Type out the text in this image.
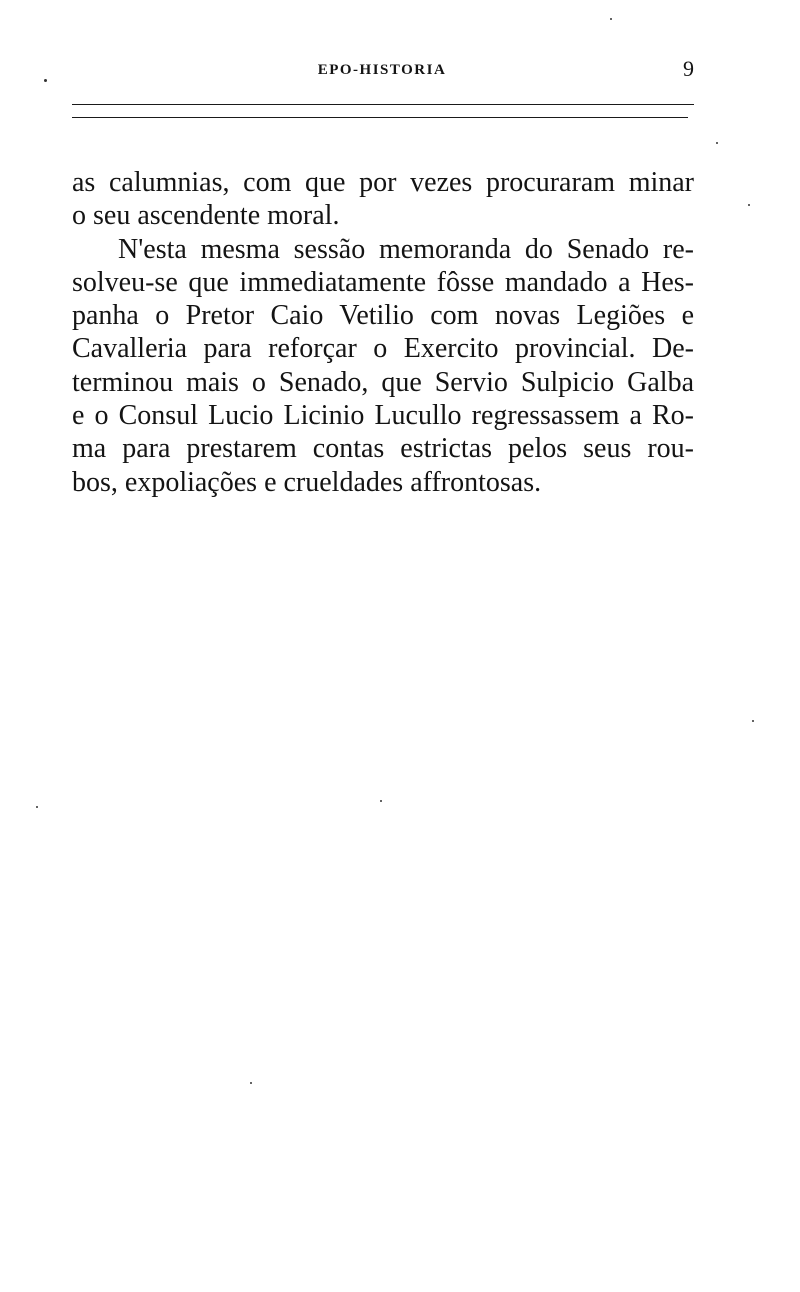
EPO-HISTORIA	9
as calumnias, com que por vezes procuraram minar
o seu ascendente moral.
N'esta mesma sessão memoranda do Senado re-
solveu-se que immediatamente fôsse mandado a Hes-
panha o Pretor Caio Vetilio com novas Legiões e
Cavalleria para reforçar o Exercito provincial. De-
terminou mais o Senado, que Servio Sulpicio Galba
e o Consul Lucio Licinio Lucullo regressassem a Ro-
ma para prestarem contas estrictas pelos seus rou-
bos, expoliações e crueldades affrontosas.
